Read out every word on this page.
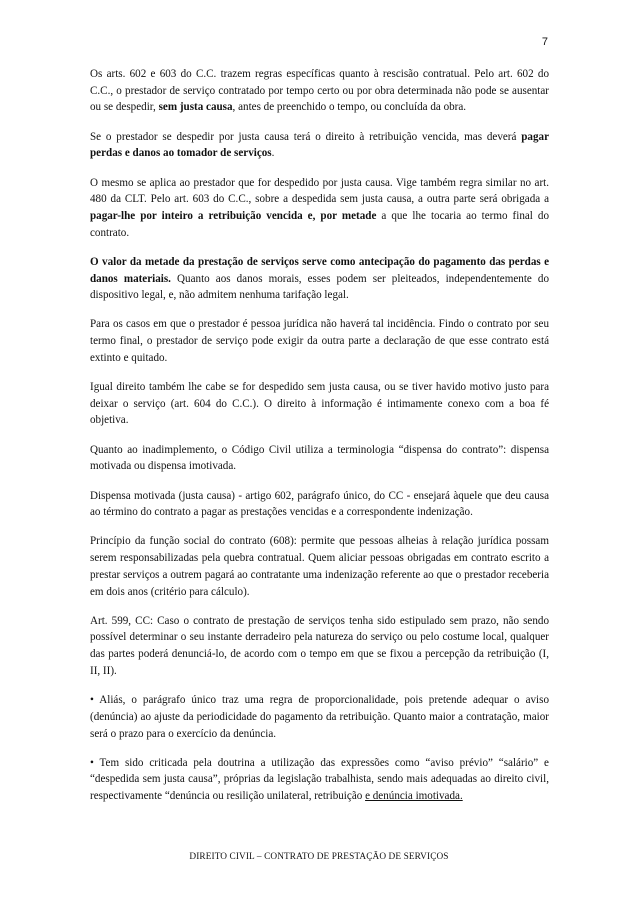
7

Os arts. 602 e 603 do C.C. trazem regras específicas quanto à rescisão contratual. Pelo art. 602 do C.C., o prestador de serviço contratado por tempo certo ou por obra determinada não pode se ausentar ou se despedir, sem justa causa, antes de preenchido o tempo, ou concluída da obra.

Se o prestador se despedir por justa causa terá o direito à retribuição vencida, mas deverá pagar perdas e danos ao tomador de serviços.

O mesmo se aplica ao prestador que for despedido por justa causa. Vige também regra similar no art. 480 da CLT. Pelo art. 603 do C.C., sobre a despedida sem justa causa, a outra parte será obrigada a pagar-lhe por inteiro a retribuição vencida e, por metade a que lhe tocaria ao termo final do contrato.

O valor da metade da prestação de serviços serve como antecipação do pagamento das perdas e danos materiais. Quanto aos danos morais, esses podem ser pleiteados, independentemente do dispositivo legal, e, não admitem nenhuma tarifação legal.

Para os casos em que o prestador é pessoa jurídica não haverá tal incidência. Findo o contrato por seu termo final, o prestador de serviço pode exigir da outra parte a declaração de que esse contrato está extinto e quitado.

Igual direito também lhe cabe se for despedido sem justa causa, ou se tiver havido motivo justo para deixar o serviço (art. 604 do C.C.). O direito à informação é intimamente conexo com a boa fé objetiva.

Quanto ao inadimplemento, o Código Civil utiliza a terminologia “dispensa do contrato”: dispensa motivada ou dispensa imotivada.

Dispensa motivada (justa causa) - artigo 602, parágrafo único, do CC - ensejará àquele que deu causa ao término do contrato a pagar as prestações vencidas e a correspondente indenização.

Princípio da função social do contrato (608): permite que pessoas alheias à relação jurídica possam serem responsabilizadas pela quebra contratual. Quem aliciar pessoas obrigadas em contrato escrito a prestar serviços a outrem pagará ao contratante uma indenização referente ao que o prestador receberia em dois anos (critério para cálculo).

Art. 599, CC: Caso o contrato de prestação de serviços tenha sido estipulado sem prazo, não sendo possível determinar o seu instante derradeiro pela natureza do serviço ou pelo costume local, qualquer das partes poderá denunciá-lo, de acordo com o tempo em que se fixou a percepção da retribuição (I, II, II).

• Aliás, o parágrafo único traz uma regra de proporcionalidade, pois pretende adequar o aviso (denúncia) ao ajuste da periodicidade do pagamento da retribuição. Quanto maior a contratação, maior será o prazo para o exercício da denúncia.

• Tem sido criticada pela doutrina a utilização das expressões como “aviso prévio” “salário” e “despedida sem justa causa”, próprias da legislação trabalhista, sendo mais adequadas ao direito civil, respectivamente “denúncia ou resilição unilateral, retribuição e denúncia imotivada.

DIREITO CIVIL – CONTRATO DE PRESTAÇÃO DE SERVIÇOS
